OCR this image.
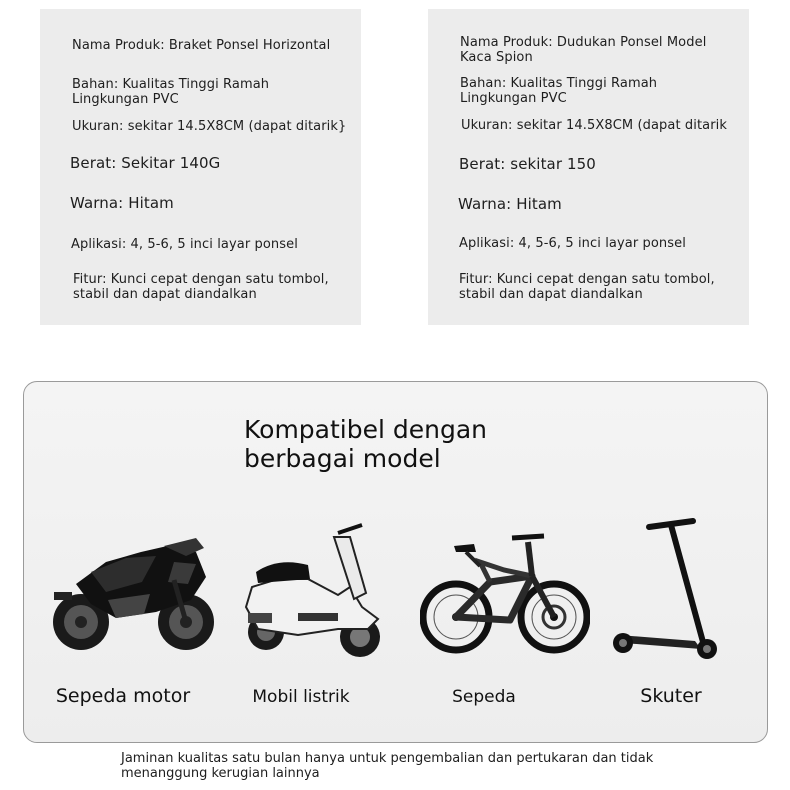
Nama Produk: Braket Ponsel Horizontal
Bahan: Kualitas Tinggi Ramah
Lingkungan PVC
Ukuran: sekitar 14.5X8CM (dapat ditarik}
Berat: Sekitar 140G
Warna: Hitam
Aplikasi: 4, 5-6, 5 inci layar ponsel
Fitur: Kunci cepat dengan satu tombol,
stabil dan dapat diandalkan
Nama Produk: Dudukan Ponsel Model
Kaca Spion
Bahan: Kualitas Tinggi Ramah
Lingkungan PVC
Ukuran: sekitar 14.5X8CM (dapat ditarik
Berat: sekitar 150
Warna: Hitam
Aplikasi: 4, 5-6, 5 inci layar ponsel
Fitur: Kunci cepat dengan satu tombol,
stabil dan dapat diandalkan
Kompatibel dengan
berbagai model
Sepeda motor	Mobil listrik	Sepeda	Skuter
Jaminan kualitas satu bulan hanya untuk pengembalian dan pertukaran dan tidak menanggung kerugian lainnya
